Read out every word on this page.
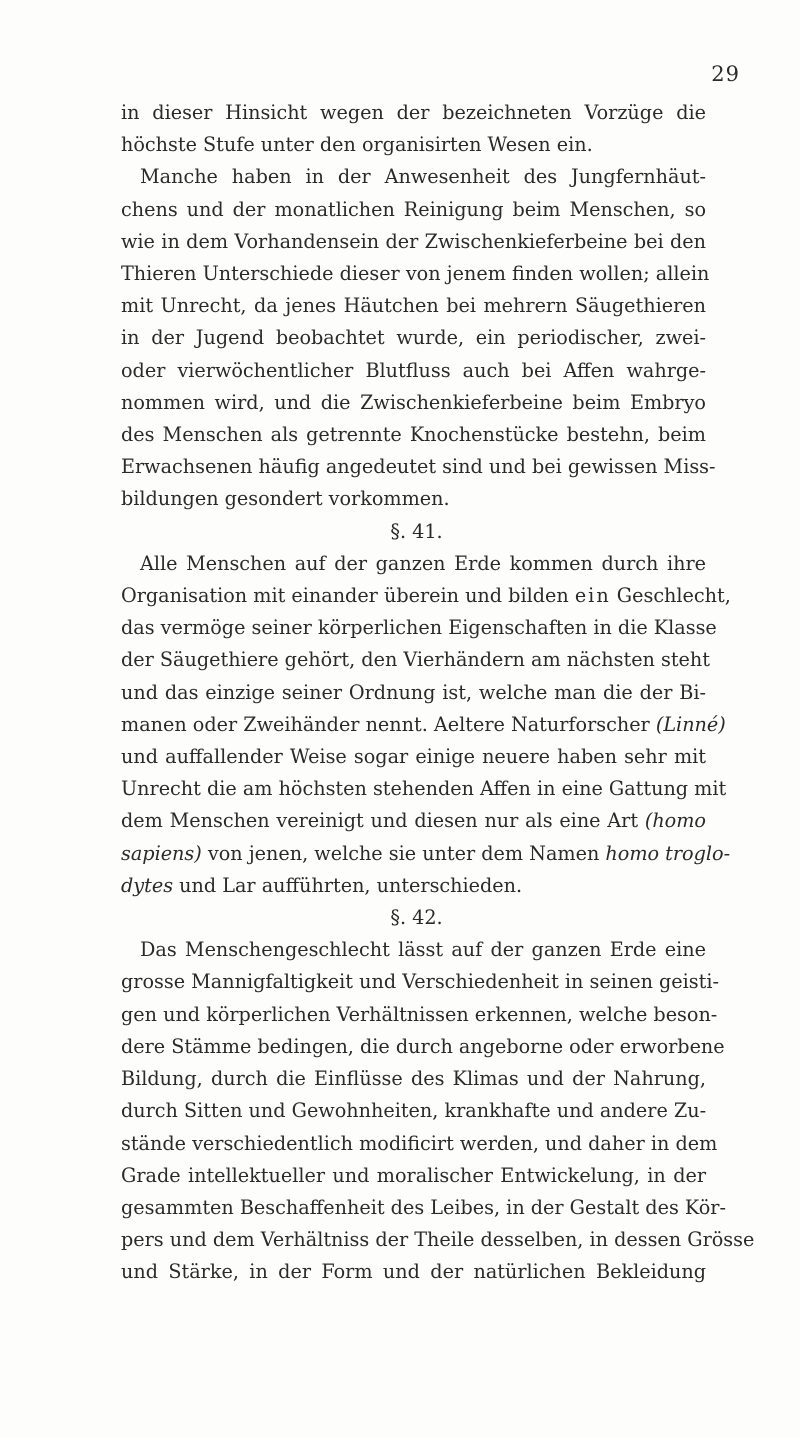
29
in dieser Hinsicht wegen der bezeichneten Vorzüge die
höchste Stufe unter den organisirten Wesen ein.
Manche haben in der Anwesenheit des Jungfernhäut-
chens und der monatlichen Reinigung beim Menschen, so
wie in dem Vorhandensein der Zwischenkieferbeine bei den
Thieren Unterschiede dieser von jenem finden wollen; allein
mit Unrecht, da jenes Häutchen bei mehrern Säugethieren
in der Jugend beobachtet wurde, ein periodischer, zwei-
oder vierwöchentlicher Blutfluss auch bei Affen wahrge-
nommen wird, und die Zwischenkieferbeine beim Embryo
des Menschen als getrennte Knochenstücke bestehn, beim
Erwachsenen häufig angedeutet sind und bei gewissen Miss-
bildungen gesondert vorkommen.
§. 41.
Alle Menschen auf der ganzen Erde kommen durch ihre
Organisation mit einander überein und bilden ein Geschlecht,
das vermöge seiner körperlichen Eigenschaften in die Klasse
der Säugethiere gehört, den Vierhändern am nächsten steht
und das einzige seiner Ordnung ist, welche man die der Bi-
manen oder Zweihänder nennt. Aeltere Naturforscher (Linné)
und auffallender Weise sogar einige neuere haben sehr mit
Unrecht die am höchsten stehenden Affen in eine Gattung mit
dem Menschen vereinigt und diesen nur als eine Art (homo
sapiens) von jenen, welche sie unter dem Namen homo troglo-
dytes und Lar aufführten, unterschieden.
§. 42.
Das Menschengeschlecht lässt auf der ganzen Erde eine
grosse Mannigfaltigkeit und Verschiedenheit in seinen geisti-
gen und körperlichen Verhältnissen erkennen, welche beson-
dere Stämme bedingen, die durch angeborne oder erworbene
Bildung, durch die Einflüsse des Klimas und der Nahrung,
durch Sitten und Gewohnheiten, krankhafte und andere Zu-
stände verschiedentlich modificirt werden, und daher in dem
Grade intellektueller und moralischer Entwickelung, in der
gesammten Beschaffenheit des Leibes, in der Gestalt des Kör-
pers und dem Verhältniss der Theile desselben, in dessen Grösse
und Stärke, in der Form und der natürlichen Bekleidung
